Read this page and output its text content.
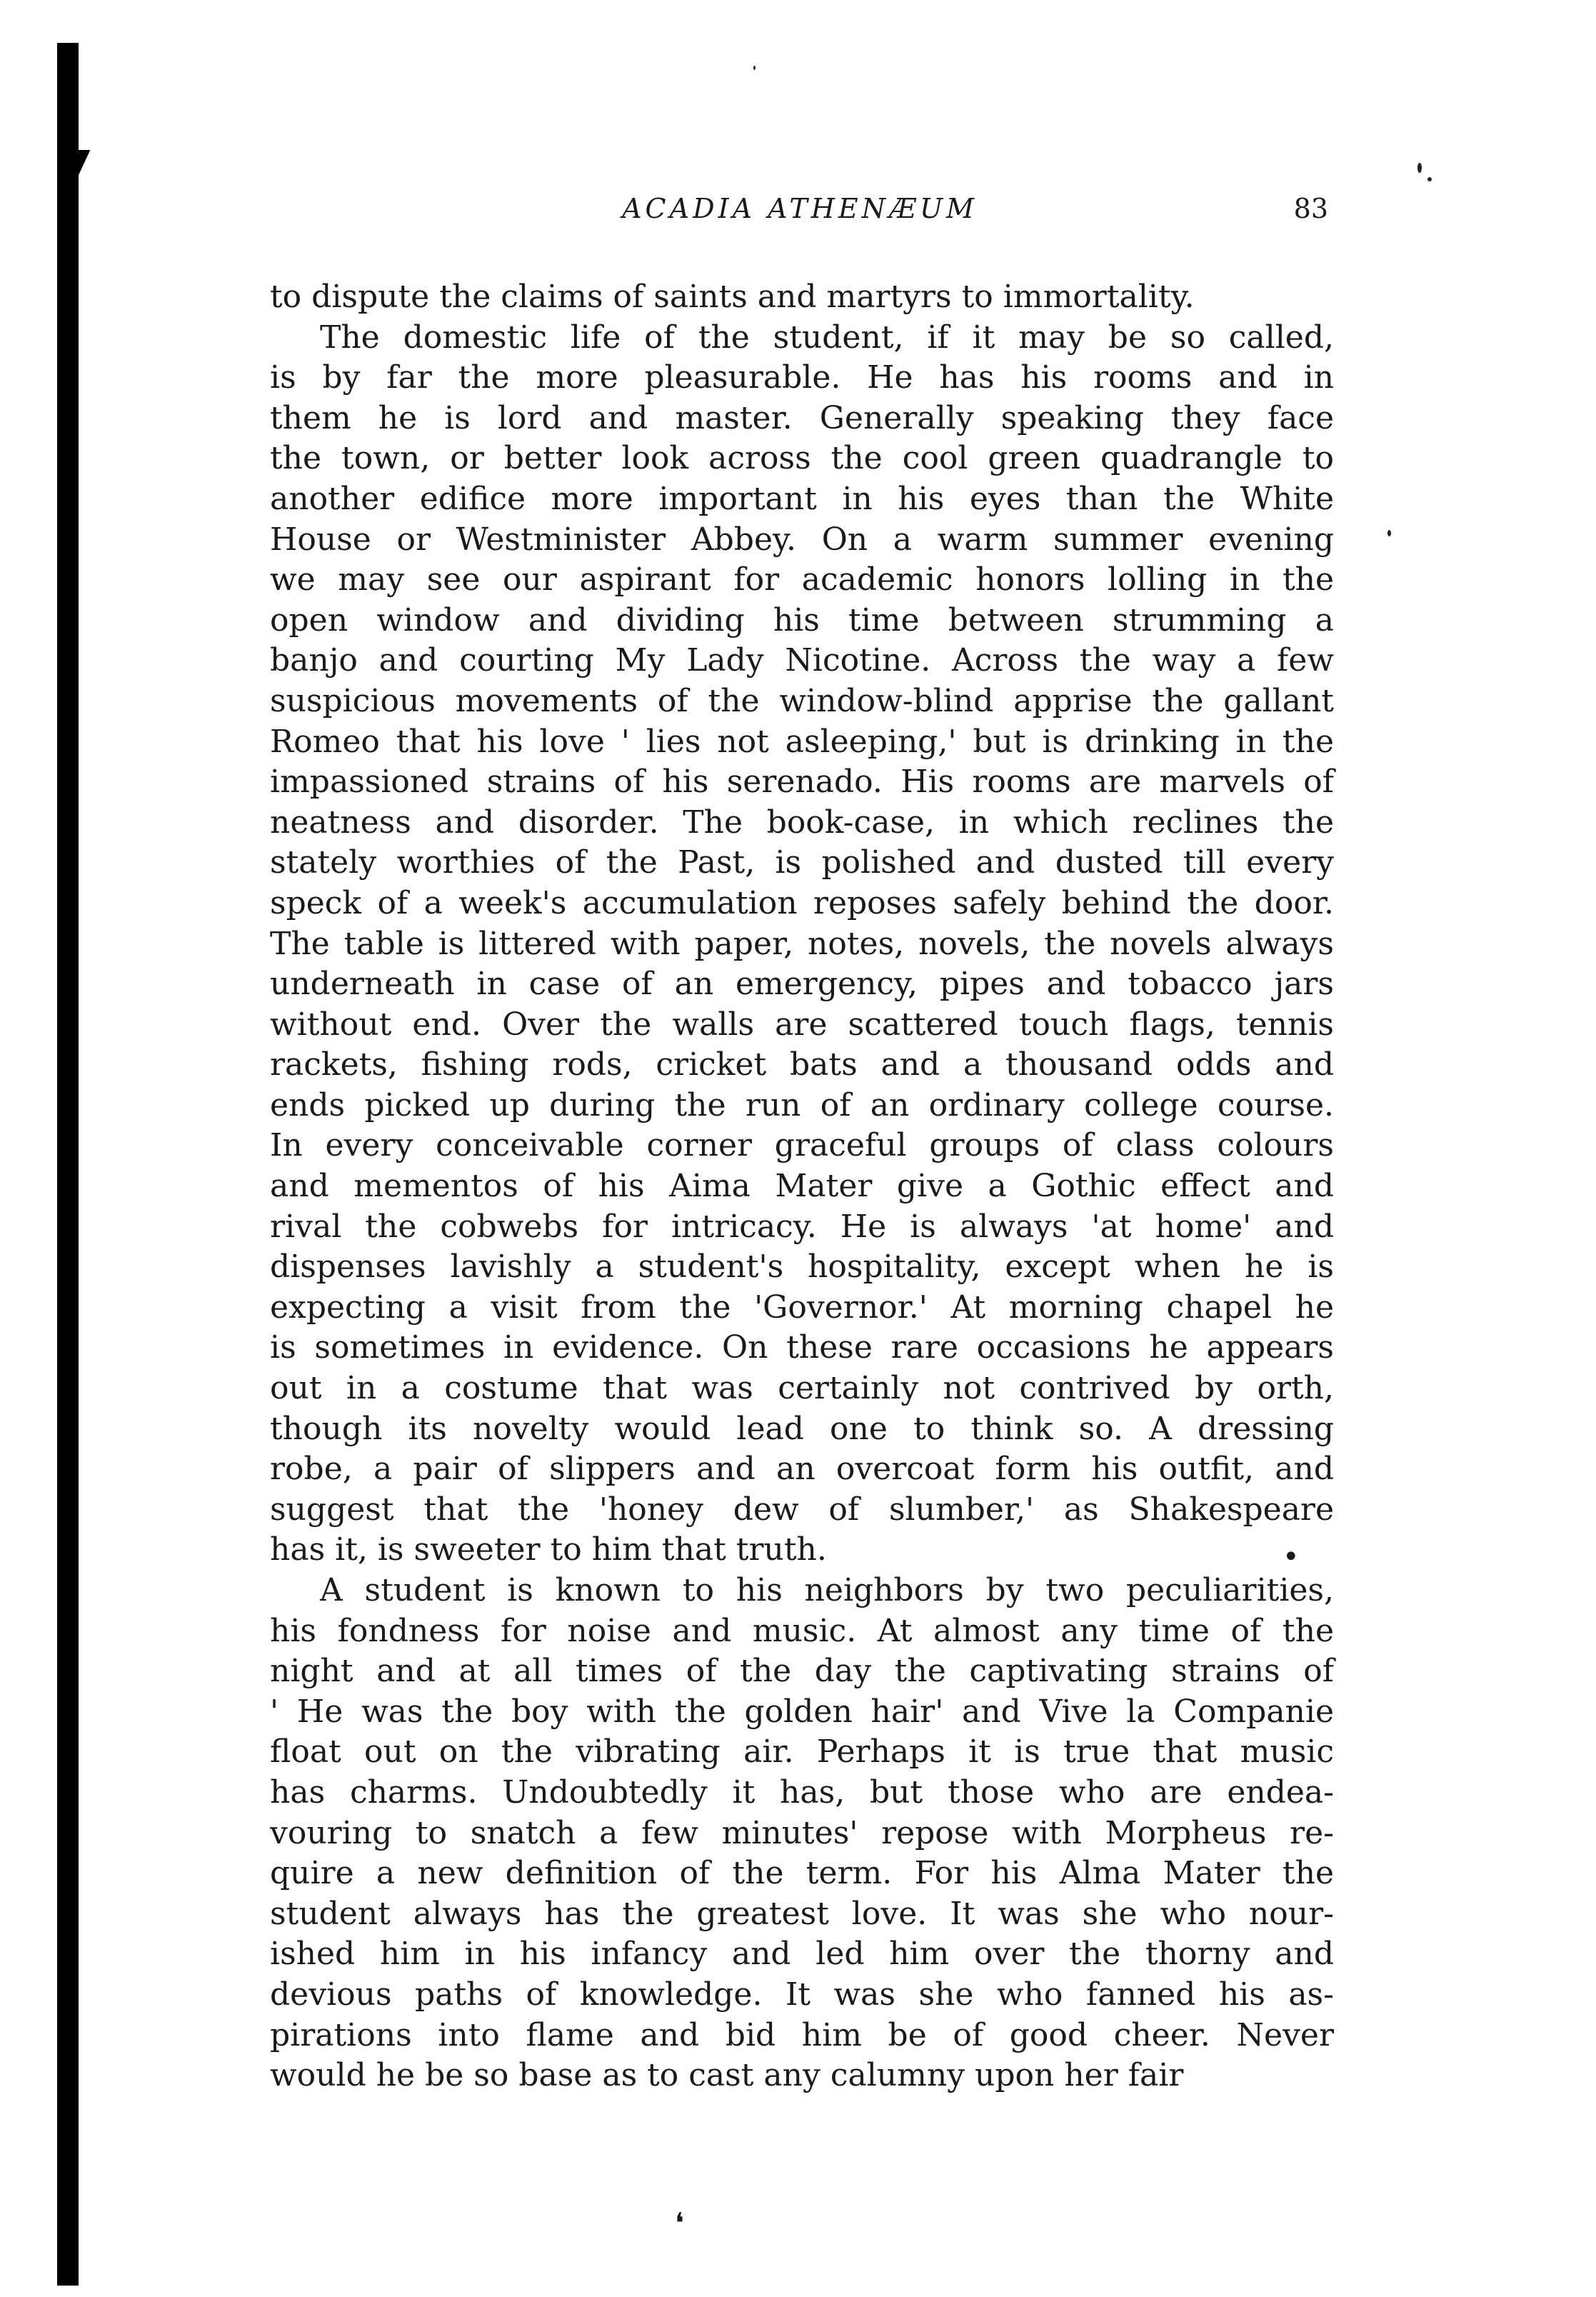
ACADIA ATHENÆUM	83
to dispute the claims of saints and martyrs to immortality.
The domestic life of the student, if it may be so called,
is by far the more pleasurable. He has his rooms and in
them he is lord and master. Generally speaking they face
the town, or better look across the cool green quadrangle to
another edifice more important in his eyes than the White
House or Westminister Abbey. On a warm summer evening
we may see our aspirant for academic honors lolling in the
open window and dividing his time between strumming a
banjo and courting My Lady Nicotine. Across the way a few
suspicious movements of the window-blind apprise the gallant
Romeo that his love ' lies not asleeping,' but is drinking in the
impassioned strains of his serenado. His rooms are marvels of
neatness and disorder. The book-case, in which reclines the
stately worthies of the Past, is polished and dusted till every
speck of a week's accumulation reposes safely behind the door.
The table is littered with paper, notes, novels, the novels always
underneath in case of an emergency, pipes and tobacco jars
without end. Over the walls are scattered touch flags, tennis
rackets, fishing rods, cricket bats and a thousand odds and
ends picked up during the run of an ordinary college course.
In every conceivable corner graceful groups of class colours
and mementos of his Aima Mater give a Gothic effect and
rival the cobwebs for intricacy. He is always 'at home' and
dispenses lavishly a student's hospitality, except when he is
expecting a visit from the 'Governor.' At morning chapel he
is sometimes in evidence. On these rare occasions he appears
out in a costume that was certainly not contrived by orth,
though its novelty would lead one to think so. A dressing
robe, a pair of slippers and an overcoat form his outfit, and
suggest that the 'honey dew of slumber,' as Shakespeare
has it, is sweeter to him that truth.
A student is known to his neighbors by two peculiarities,
his fondness for noise and music. At almost any time of the
night and at all times of the day the captivating strains of
' He was the boy with the golden hair' and Vive la Companie
float out on the vibrating air. Perhaps it is true that music
has charms. Undoubtedly it has, but those who are endea-
vouring to snatch a few minutes' repose with Morpheus re-
quire a new definition of the term. For his Alma Mater the
student always has the greatest love. It was she who nour-
ished him in his infancy and led him over the thorny and
devious paths of knowledge. It was she who fanned his as-
pirations into flame and bid him be of good cheer. Never
would he be so base as to cast any calumny upon her fair
•
❛
